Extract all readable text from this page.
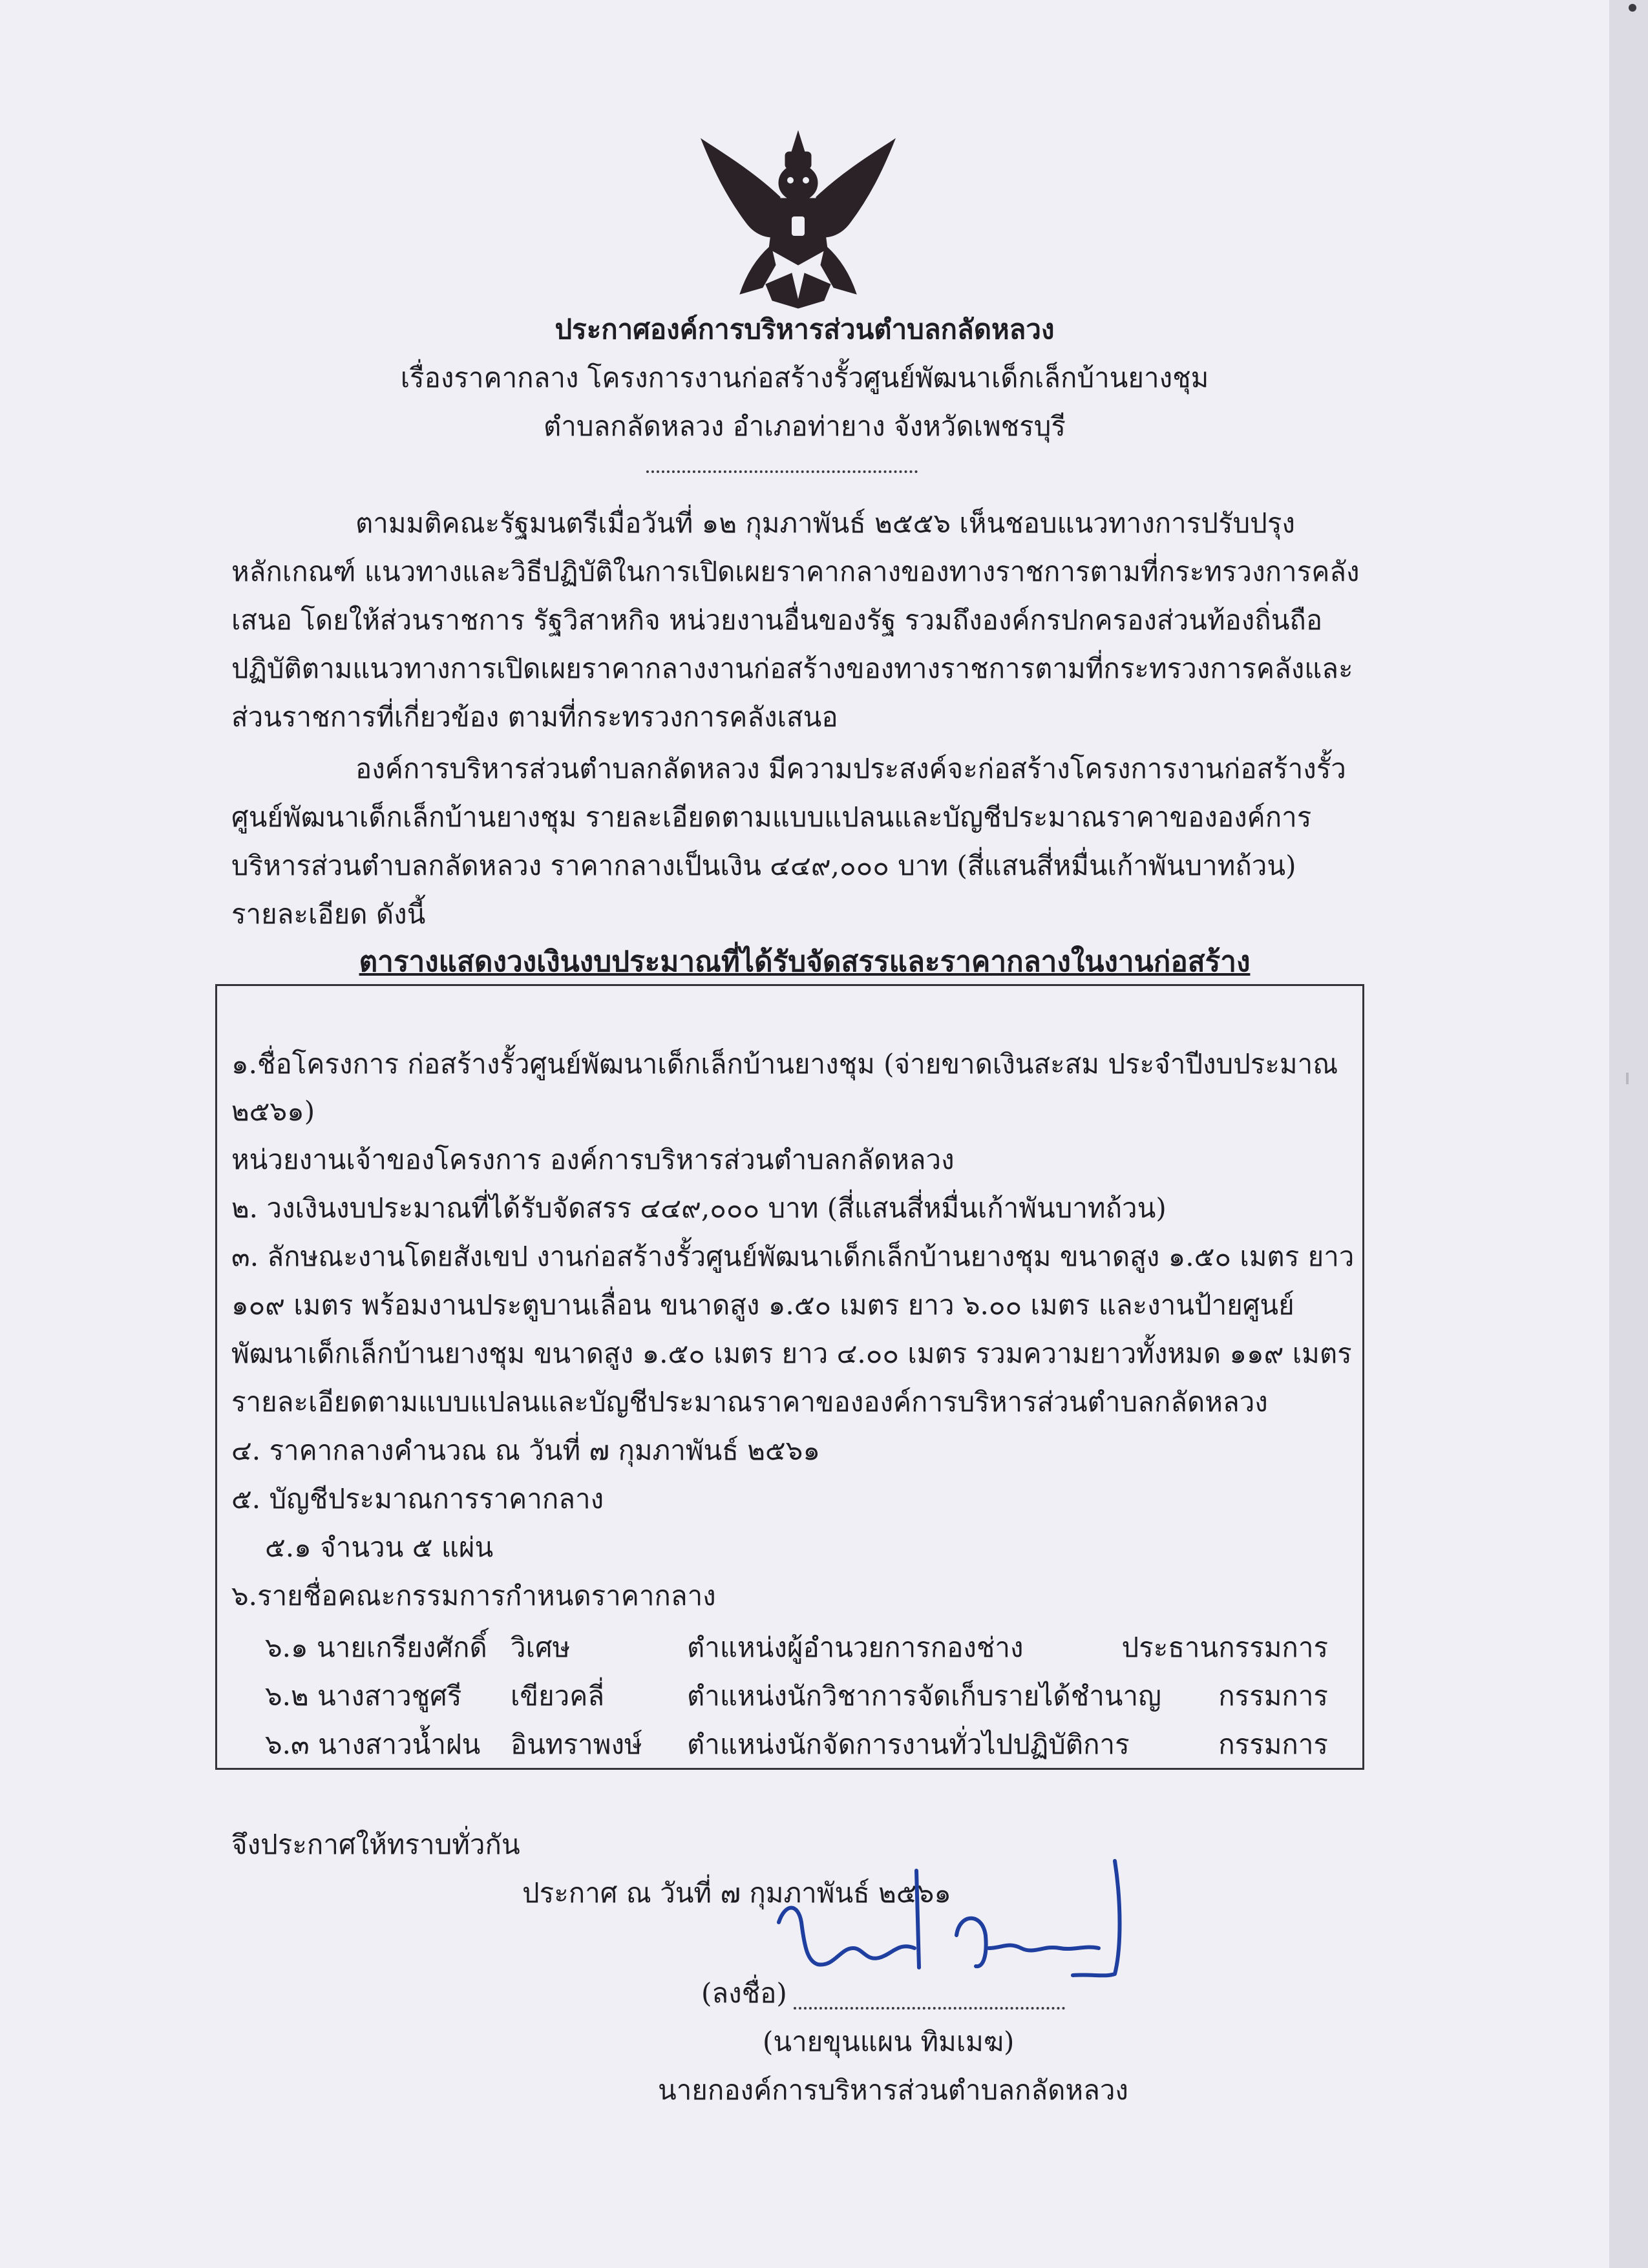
ประกาศองค์การบริหารส่วนตำบลกลัดหลวง
เรื่องราคากลาง โครงการงานก่อสร้างรั้วศูนย์พัฒนาเด็กเล็กบ้านยางชุม
ตำบลกลัดหลวง อำเภอท่ายาง จังหวัดเพชรบุรี
ตามมติคณะรัฐมนตรีเมื่อวันที่ ๑๒ กุมภาพันธ์ ๒๕๕๖ เห็นชอบแนวทางการปรับปรุง
หลักเกณฑ์ แนวทางและวิธีปฏิบัติในการเปิดเผยราคากลางของทางราชการตามที่กระทรวงการคลัง
เสนอ โดยให้ส่วนราชการ รัฐวิสาหกิจ หน่วยงานอื่นของรัฐ รวมถึงองค์กรปกครองส่วนท้องถิ่นถือ
ปฏิบัติตามแนวทางการเปิดเผยราคากลางงานก่อสร้างของทางราชการตามที่กระทรวงการคลังและ
ส่วนราชการที่เกี่ยวข้อง ตามที่กระทรวงการคลังเสนอ
องค์การบริหารส่วนตำบลกลัดหลวง มีความประสงค์จะก่อสร้างโครงการงานก่อสร้างรั้ว
ศูนย์พัฒนาเด็กเล็กบ้านยางชุม รายละเอียดตามแบบแปลนและบัญชีประมาณราคาขององค์การ
บริหารส่วนตำบลกลัดหลวง ราคากลางเป็นเงิน ๔๔๙,๐๐๐ บาท (สี่แสนสี่หมื่นเก้าพันบาทถ้วน)
รายละเอียด ดังนี้
ตารางแสดงวงเงินงบประมาณที่ได้รับจัดสรรและราคากลางในงานก่อสร้าง
๑.ชื่อโครงการ ก่อสร้างรั้วศูนย์พัฒนาเด็กเล็กบ้านยางชุม (จ่ายขาดเงินสะสม ประจำปีงบประมาณ
๒๕๖๑)
หน่วยงานเจ้าของโครงการ องค์การบริหารส่วนตำบลกลัดหลวง
๒. วงเงินงบประมาณที่ได้รับจัดสรร ๔๔๙,๐๐๐ บาท (สี่แสนสี่หมื่นเก้าพันบาทถ้วน)
๓. ลักษณะงานโดยสังเขป งานก่อสร้างรั้วศูนย์พัฒนาเด็กเล็กบ้านยางชุม ขนาดสูง ๑.๕๐ เมตร ยาว
๑๐๙ เมตร พร้อมงานประตูบานเลื่อน ขนาดสูง ๑.๕๐ เมตร ยาว ๖.๐๐ เมตร และงานป้ายศูนย์
พัฒนาเด็กเล็กบ้านยางชุม ขนาดสูง ๑.๕๐ เมตร ยาว ๔.๐๐ เมตร รวมความยาวทั้งหมด ๑๑๙ เมตร
รายละเอียดตามแบบแปลนและบัญชีประมาณราคาขององค์การบริหารส่วนตำบลกลัดหลวง
๔. ราคากลางคำนวณ ณ วันที่ ๗ กุมภาพันธ์ ๒๕๖๑
๕. บัญชีประมาณการราคากลาง
๕.๑ จำนวน ๕ แผ่น
๖.รายชื่อคณะกรรมการกำหนดราคากลาง
๖.๑ นายเกรียงศักดิ์ วิเศษ	ตำแหน่งผู้อำนวยการกองช่าง	ประธานกรรมการ
๖.๒ นางสาวชูศรี เขียวคลี่	ตำแหน่งนักวิชาการจัดเก็บรายได้ชำนาญ กรรมการ
๖.๓ นางสาวน้ำฝน อินทราพงษ์ ตำแหน่งนักจัดการงานทั่วไปปฏิบัติการ	กรรมการ
จึงประกาศให้ทราบทั่วกัน
ประกาศ ณ วันที่ ๗ กุมภาพันธ์ ๒๕๖๑
(ลงชื่อ)
(นายขุนแผน ทิมเมฆ)
นายกองค์การบริหารส่วนตำบลกลัดหลวง
